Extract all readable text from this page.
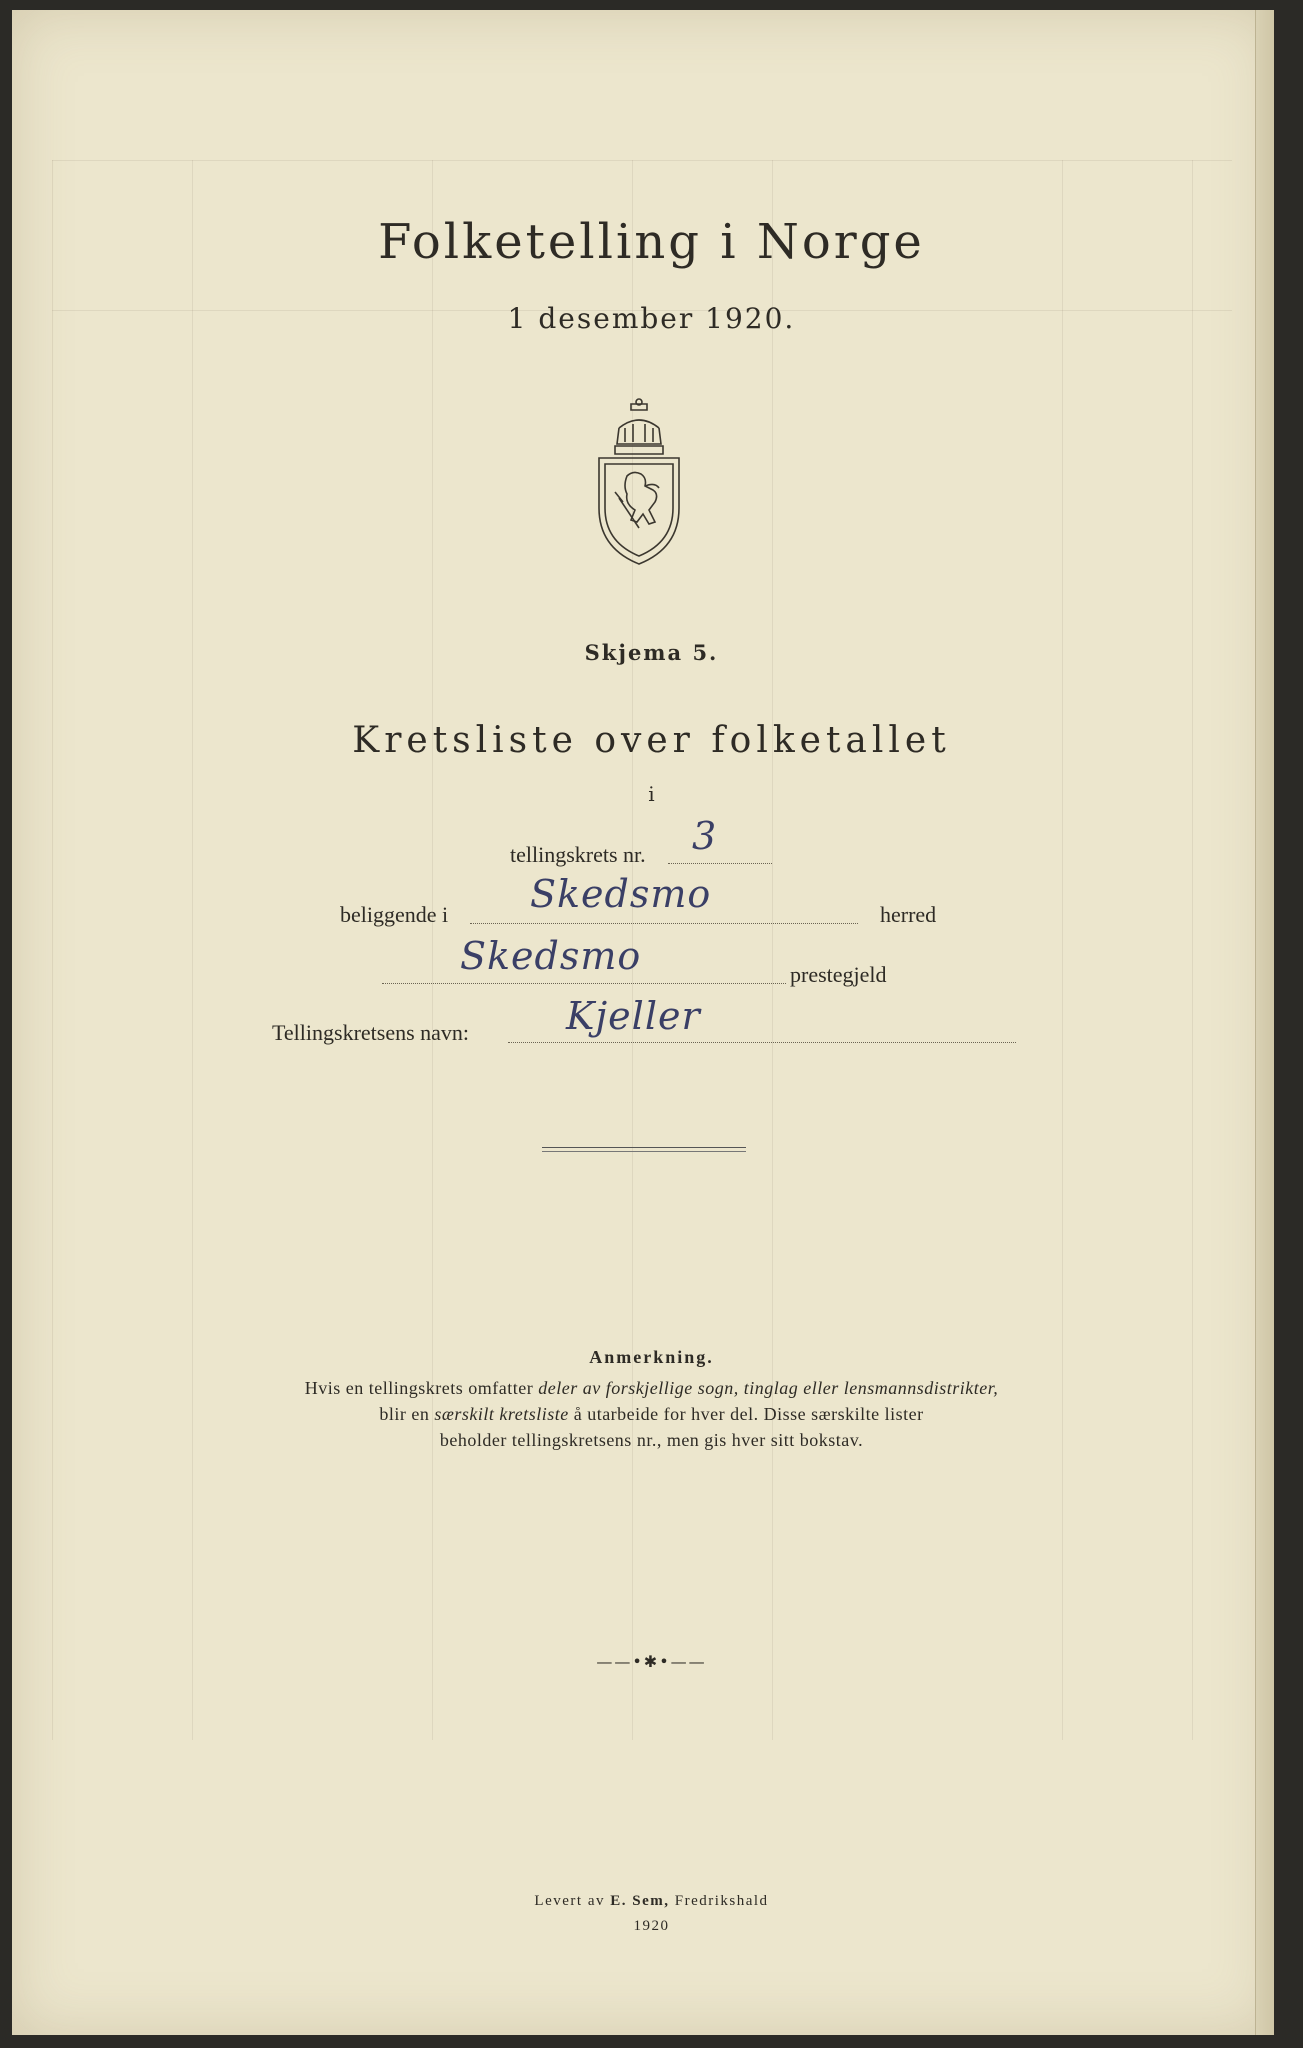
Folketelling i Norge
1 desember 1920.
Skjema 5.
Kretsliste over folketallet
i
tellingskrets nr. 3
beliggende i Skedsmo	herred
Skedsmo	prestegjeld
Tellingskretsens navn:	Kjeller
Anmerkning.
Hvis en tellingskrets omfatter deler av forskjellige sogn, tinglag eller lensmannsdistrikter,
blir en særskilt kretsliste å utarbeide for hver del. Disse særskilte lister
beholder tellingskretsens nr., men gis hver sitt bokstav.
——•✱•——
Levert av E. Sem, Fredrikshald
1920
